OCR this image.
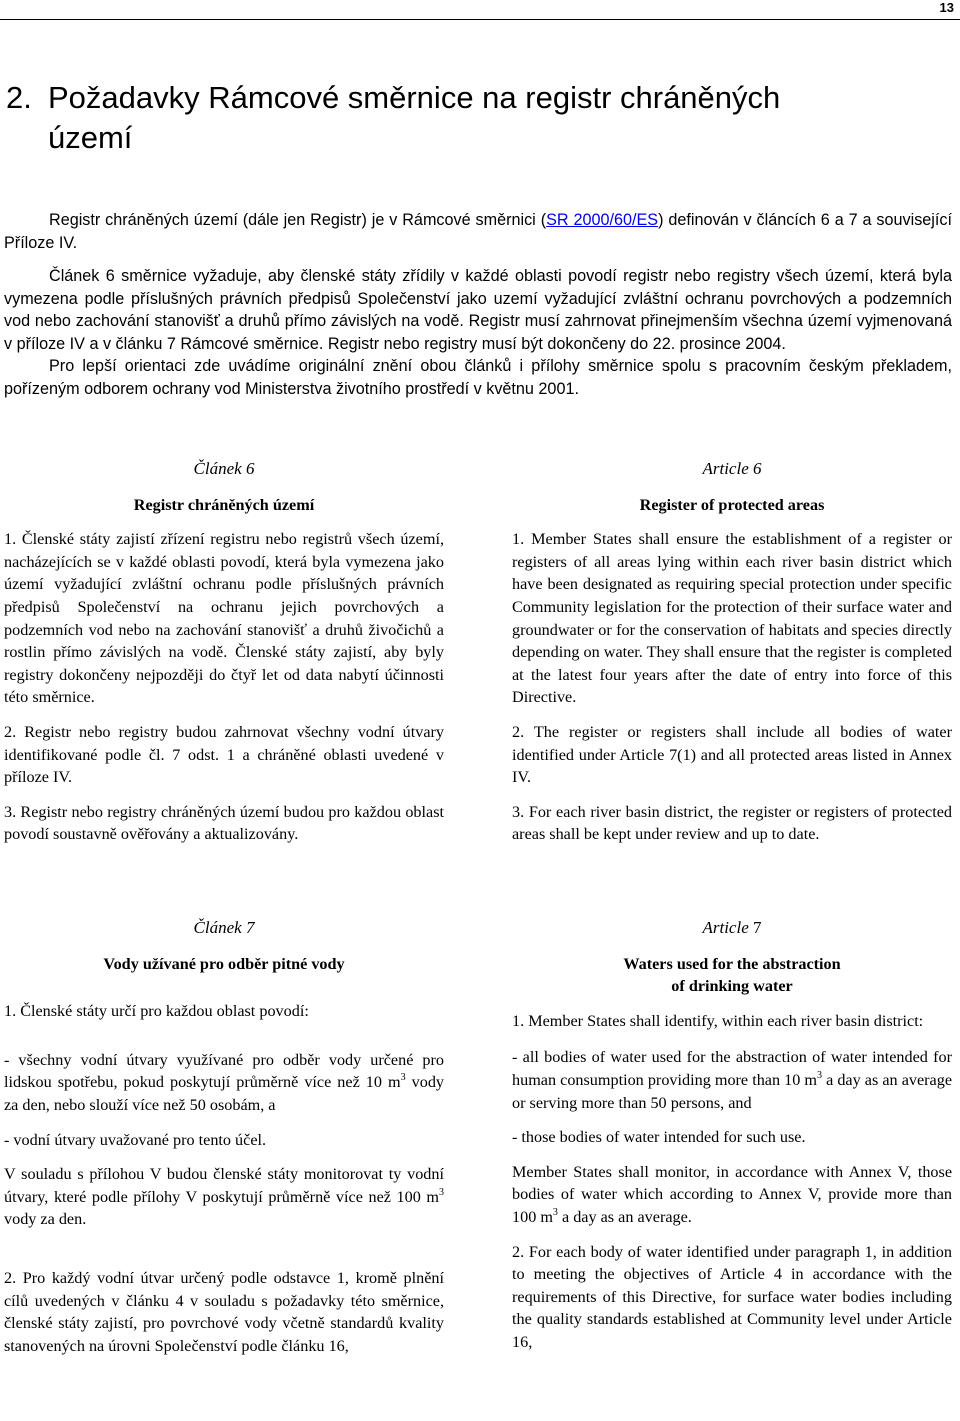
13
2. Požadavky Rámcové směrnice na registr chráněných
území

Registr chráněných území (dále jen Registr) je v Rámcové směrnici (SR 2000/60/ES) definován v článcích 6 a 7 a související Příloze IV.

Článek 6 směrnice vyžaduje, aby členské státy zřídily v každé oblasti povodí registr nebo registry všech území, která byla vymezena podle příslušných právních předpisů Společenství jako uzemí vyžadující zvláštní ochranu povrchových a podzemních vod nebo zachování stanovišť a druhů přímo závislých na vodě. Registr musí zahrnovat přinejmenším všechna území vyjmenovaná v příloze IV a v článku 7 Rámcové směrnice. Registr nebo registry musí být dokončeny do 22. prosince 2004.

Pro lepší orientaci zde uvádíme originální znění obou článků i přílohy směrnice spolu s pracovním českým překladem, pořízeným odborem ochrany vod Ministerstva životního prostředí v květnu 2001.

Článek 6

Registr chráněných území

1. Členské státy zajistí zřízení registru nebo registrů všech území, nacházejících se v každé oblasti povodí, která byla vymezena jako území vyžadující zvláštní ochranu podle příslušných právních předpisů Společenství na ochranu jejich povrchových a podzemních vod nebo na zachování stanovišť a druhů živočichů a rostlin přímo závislých na vodě. Členské státy zajistí, aby byly registry dokončeny nejpozději do čtyř let od data nabytí účinnosti této směrnice.

2. Registr nebo registry budou zahrnovat všechny vodní útvary identifikované podle čl. 7 odst. 1 a chráněné oblasti uvedené v příloze IV.

3. Registr nebo registry chráněných území budou pro každou oblast povodí soustavně ověřovány a aktualizovány.

Článek 7

Vody užívané pro odběr pitné vody

1. Členské státy určí pro každou oblast povodí:

- všechny vodní útvary využívané pro odběr vody určené pro lidskou spotřebu, pokud poskytují průměrně více než 10 $m^3$ vody za den, nebo slouží více než 50 osobám, a

- vodní útvary uvažované pro tento účel.

V souladu s přílohou V budou členské státy monitorovat ty vodní útvary, které podle přílohy V poskytují průměrně více než 100 $m^3$ vody za den.

2. Pro každý vodní útvar určený podle odstavce 1, kromě plnění cílů uvedených v článku 4 v souladu s požadavky této směrnice, členské státy zajistí, pro povrchové vody včetně standardů kvality stanovených na úrovni Společenství podle článku 16,

Article 6

Register of protected areas

1. Member States shall ensure the establishment of a register or registers of all areas lying within each river basin district which have been designated as requiring special protection under specific Community legislation for the protection of their surface water and groundwater or for the conservation of habitats and species directly depending on water. They shall ensure that the register is completed at the latest four years after the date of entry into force of this Directive.

2. The register or registers shall include all bodies of water identified under Article 7(1) and all protected areas listed in Annex IV.

3. For each river basin district, the register or registers of protected areas shall be kept under review and up to date.

Article 7

Waters used for the abstraction
of drinking water

1. Member States shall identify, within each river basin district:

- all bodies of water used for the abstraction of water intended for human consumption providing more than 10 $m^3$ a day as an average or serving more than 50 persons, and

- those bodies of water intended for such use.

Member States shall monitor, in accordance with Annex V, those bodies of water which according to Annex V, provide more than 100 $m^3$ a day as an average.

2. For each body of water identified under paragraph 1, in addition to meeting the objectives of Article 4 in accordance with the requirements of this Directive, for surface water bodies including the quality standards established at Community level under Article 16,
